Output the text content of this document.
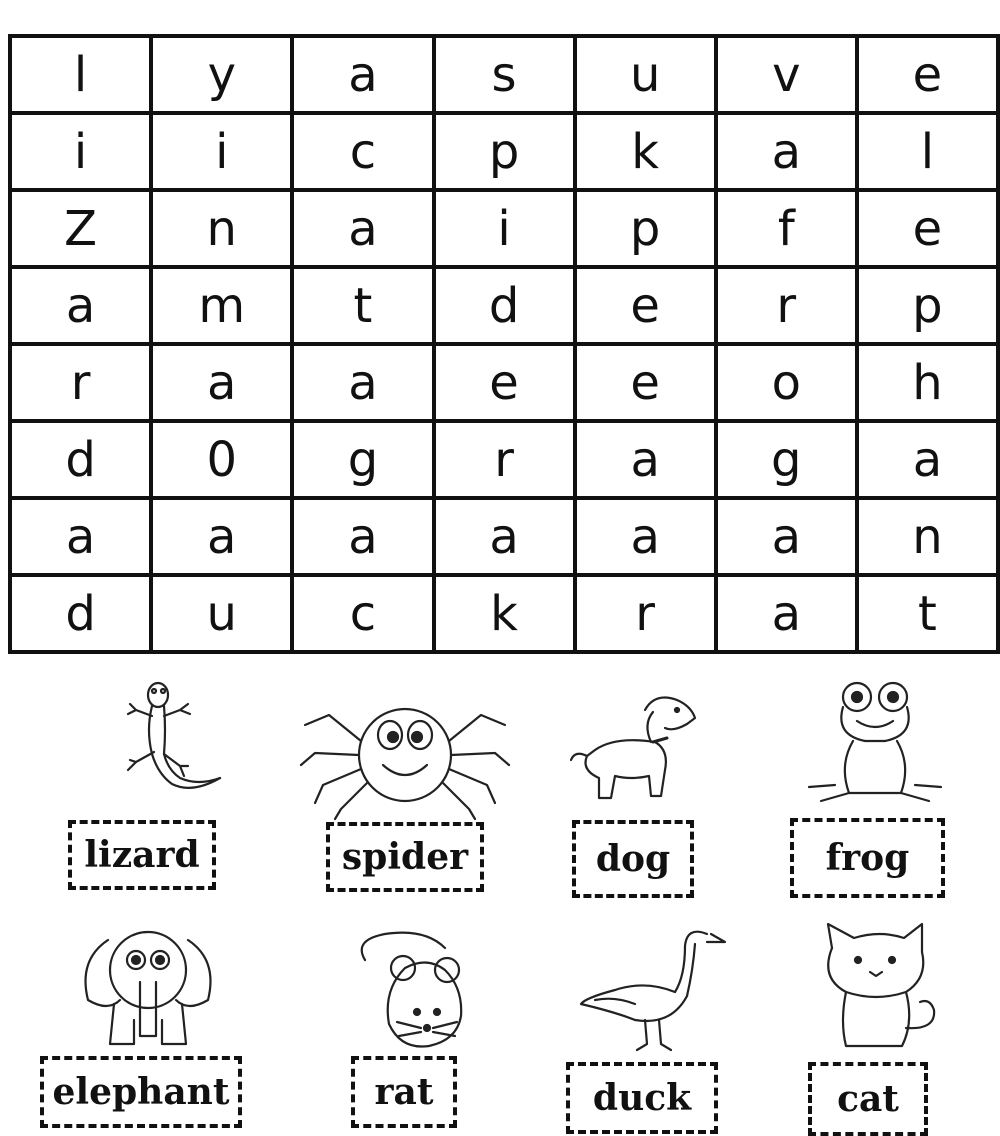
l	y	a	s	u	v	e
i	i	c	p	k	a	l
Z	n	a	i	p	f	e
a	m	t	d	e	r	p
r	a	a	e	e	o	h
d	0	g	r	a	g	a
a	a	a	a	a	a	n
d	u	c	k	r	a	t
lizard	spider	dog	frog
elephant	rat	duck	cat
